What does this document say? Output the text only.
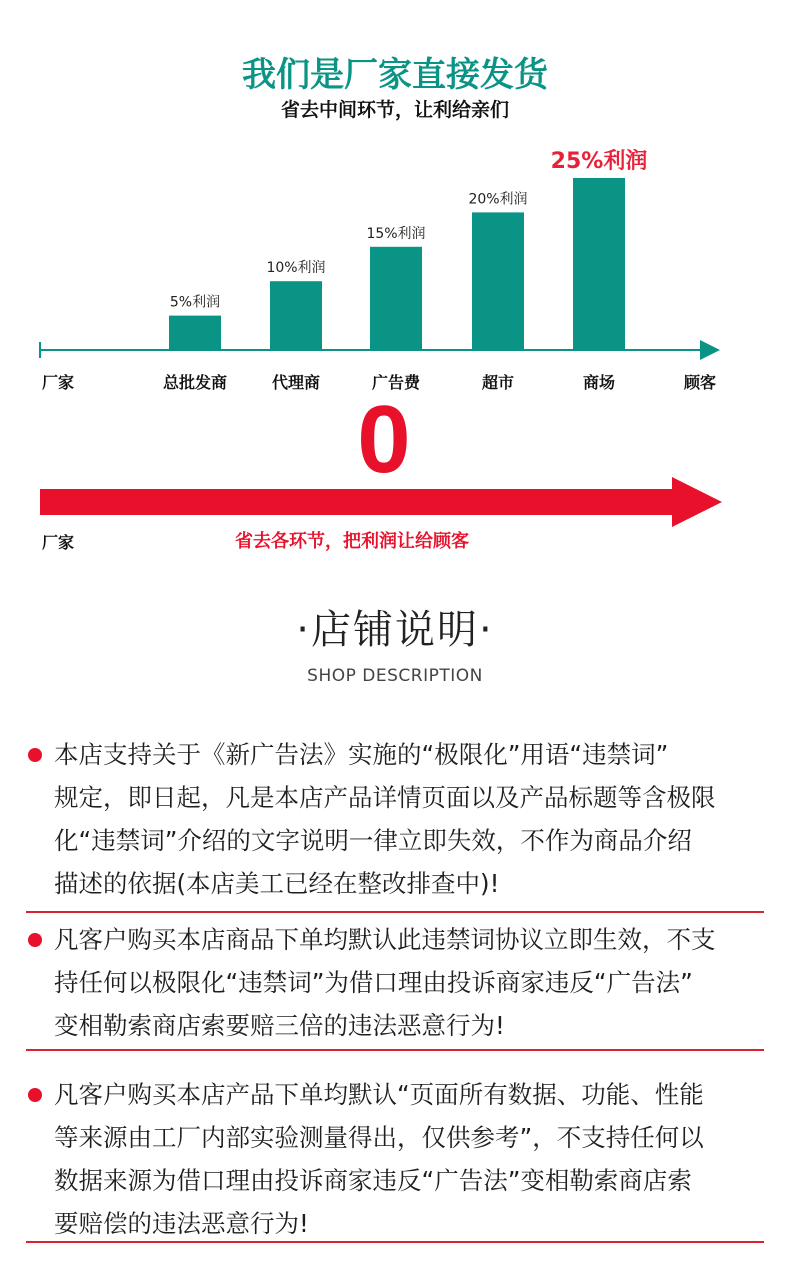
我们是厂家直接发货
省去中间环节，让利给亲们
厂家
5%利润
总批发商
10%利润
代理商
15%利润
广告费
20%利润
超市
25%利润
商场	顾客
0
厂家	省去各环节，把利润让给顾客
·店铺说明·
SHOP DESCRIPTION
本店支持关于《新广告法》实施的“极限化”用语“违禁词”
规定，即日起，凡是本店产品详情页面以及产品标题等含极限
化“违禁词”介绍的文字说明一律立即失效，不作为商品介绍
描述的依据(本店美工已经在整改排查中)!
凡客户购买本店商品下单均默认此违禁词协议立即生效，不支
持任何以极限化“违禁词”为借口理由投诉商家违反“广告法”
变相勒索商店索要赔三倍的违法恶意行为!
凡客户购买本店产品下单均默认“页面所有数据、功能、性能
等来源由工厂内部实验测量得出，仅供参考”，不支持任何以
数据来源为借口理由投诉商家违反“广告法”变相勒索商店索
要赔偿的违法恶意行为!
